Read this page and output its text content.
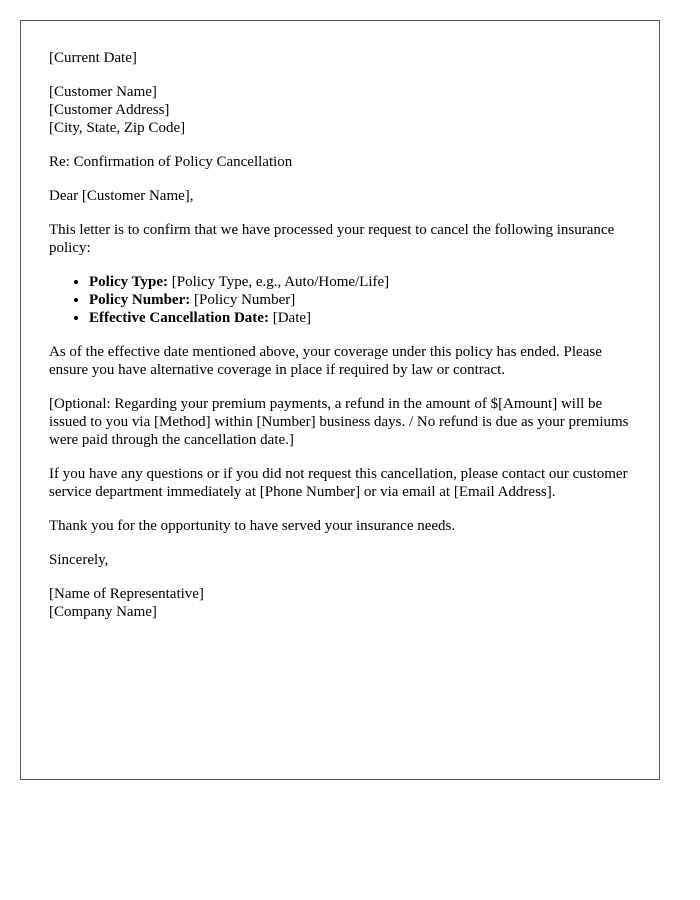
[Current Date]
[Customer Name]
[Customer Address]
[City, State, Zip Code]
Re: Confirmation of Policy Cancellation
Dear [Customer Name],
This letter is to confirm that we have processed your request to cancel the following insurance policy:
• Policy Type: [Policy Type, e.g., Auto/Home/Life]
• Policy Number: [Policy Number]
• Effective Cancellation Date: [Date]
As of the effective date mentioned above, your coverage under this policy has ended. Please ensure you have alternative coverage in place if required by law or contract.
[Optional: Regarding your premium payments, a refund in the amount of $[Amount] will be issued to you via [Method] within [Number] business days. / No refund is due as your premiums were paid through the cancellation date.]
If you have any questions or if you did not request this cancellation, please contact our customer service department immediately at [Phone Number] or via email at [Email Address].
Thank you for the opportunity to have served your insurance needs.
Sincerely,
[Name of Representative]
[Company Name]
